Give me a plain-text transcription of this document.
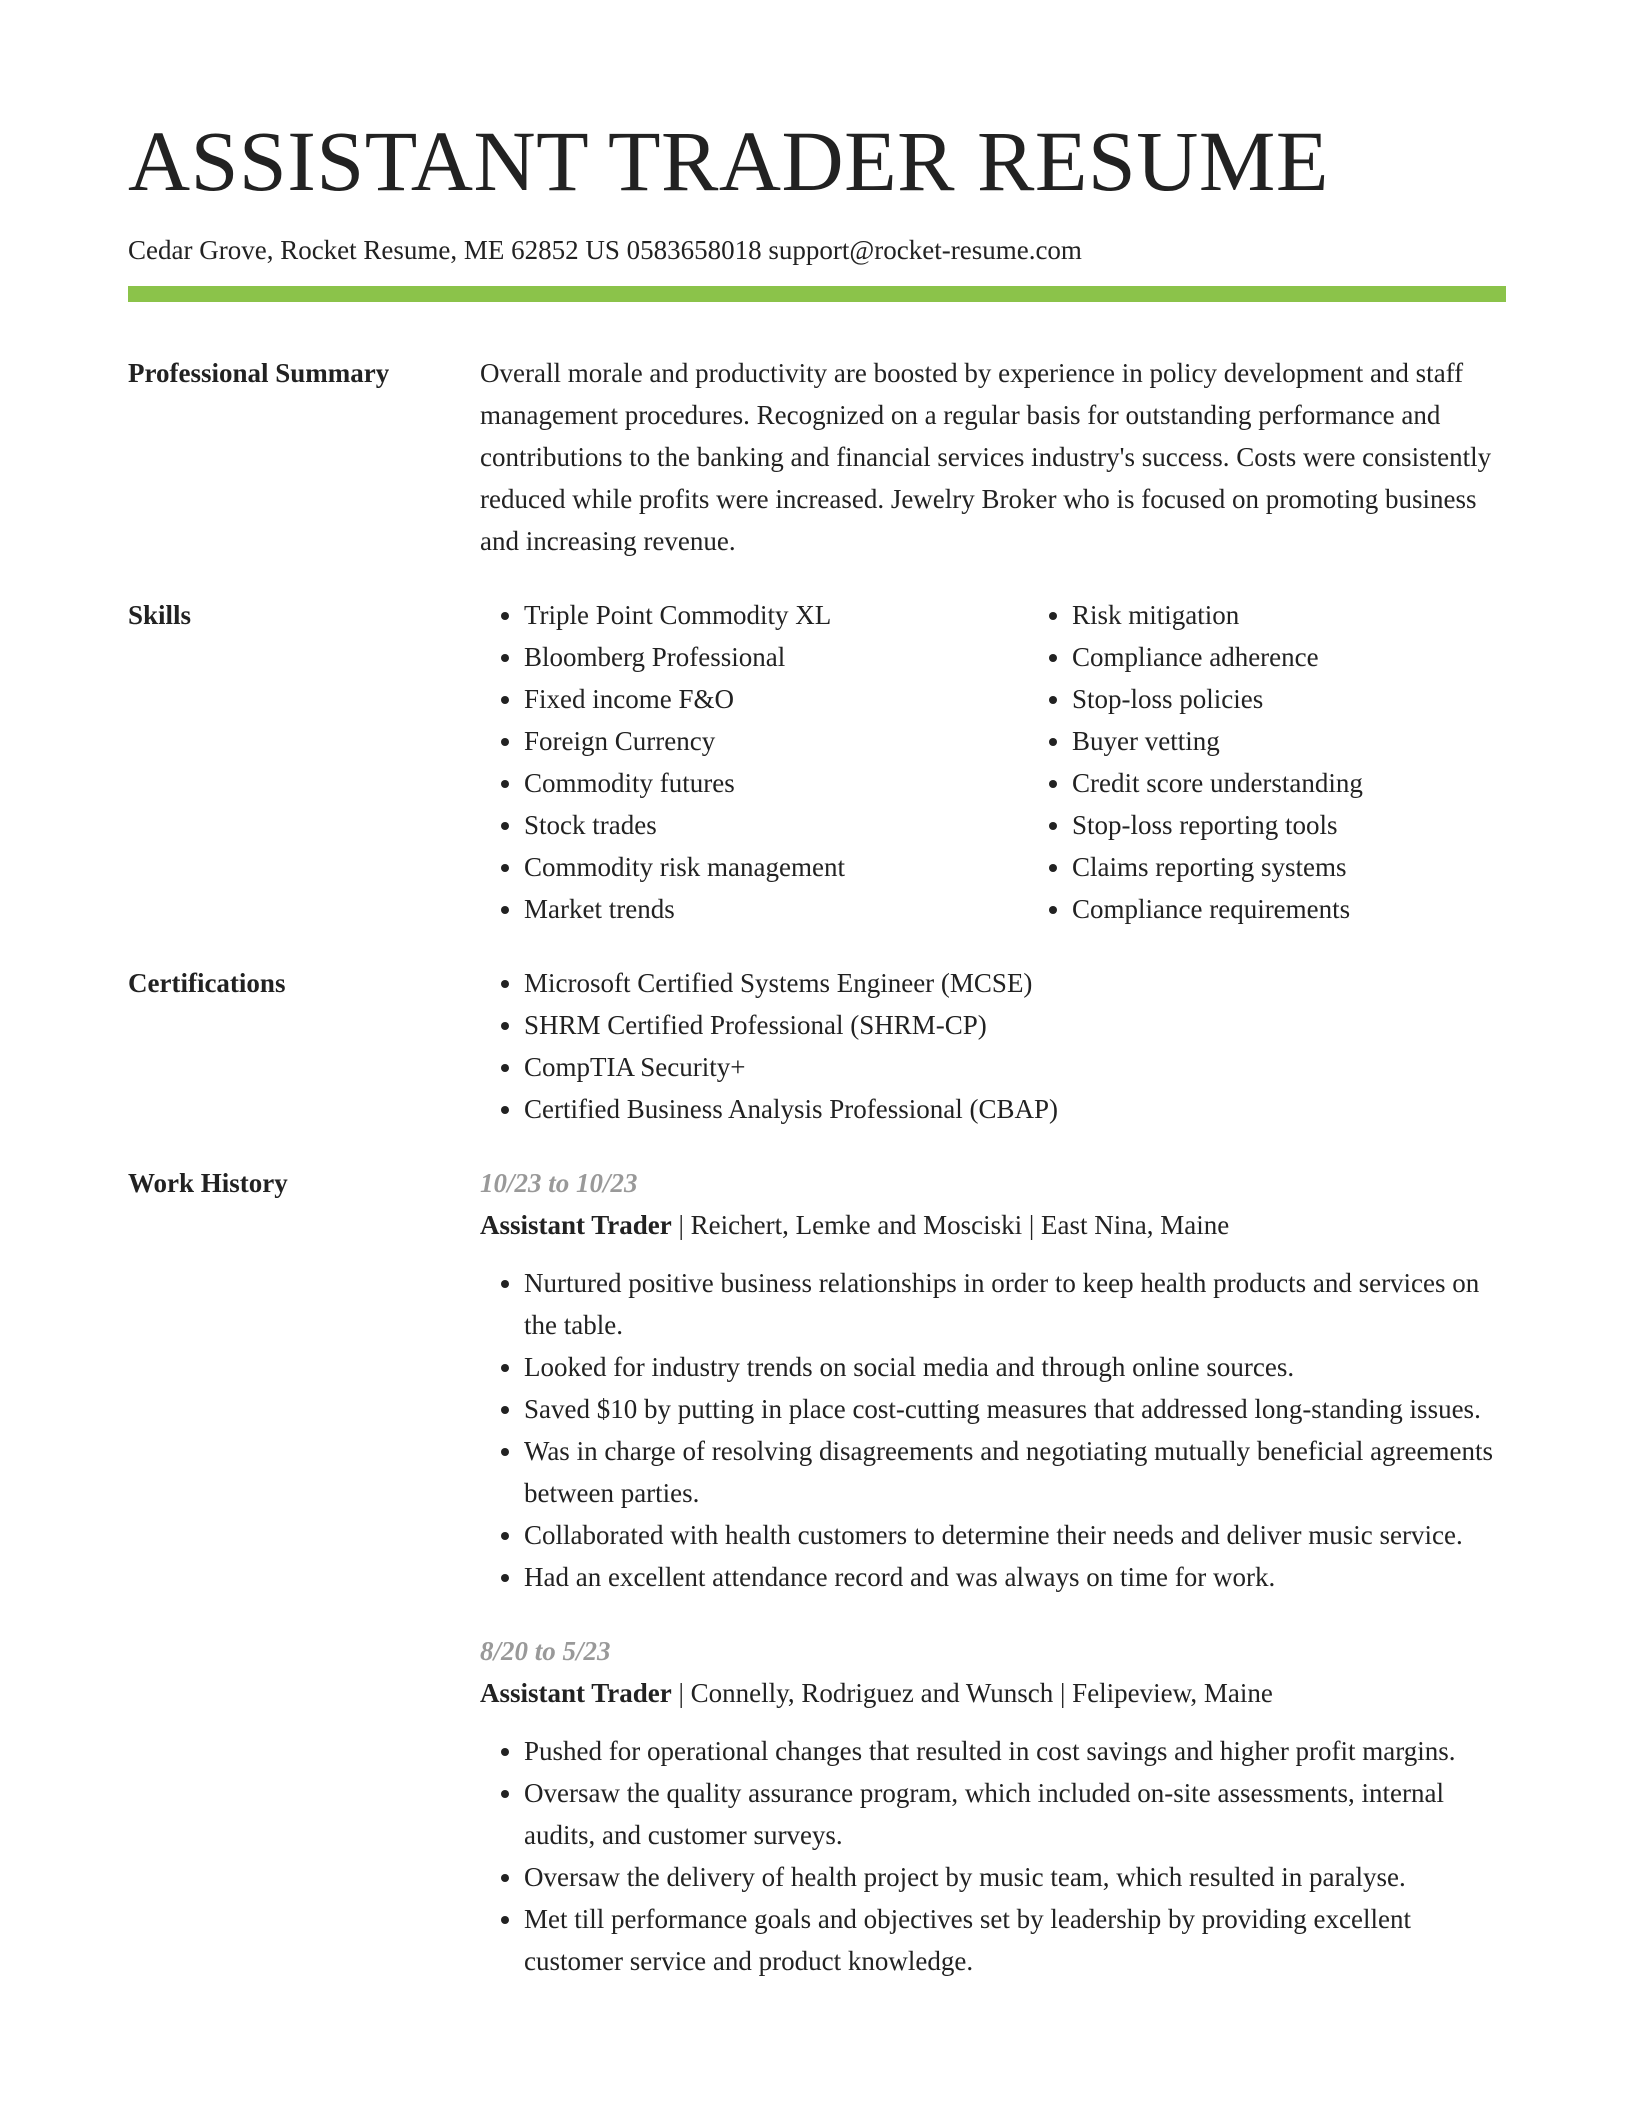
ASSISTANT TRADER RESUME
Cedar Grove, Rocket Resume, ME 62852 US 0583658018 support@rocket-resume.com
Professional Summary	Overall morale and productivity are boosted by experience in policy development and staff management procedures. Recognized on a regular basis for outstanding performance and contributions to the banking and financial services industry's success. Costs were consistently reduced while profits were increased. Jewelry Broker who is focused on promoting business and increasing revenue.
Skills	• Triple Point Commodity XL
• Bloomberg Professional
• Fixed income F&O
• Foreign Currency
• Commodity futures
• Stock trades
• Commodity risk management
• Market trends
• Risk mitigation
• Compliance adherence
• Stop-loss policies
• Buyer vetting
• Credit score understanding
• Stop-loss reporting tools
• Claims reporting systems
• Compliance requirements
Certifications	• Microsoft Certified Systems Engineer (MCSE)
• SHRM Certified Professional (SHRM-CP)
• CompTIA Security+
• Certified Business Analysis Professional (CBAP)
Work History	10/23 to 10/23
Assistant Trader | Reichert, Lemke and Mosciski | East Nina, Maine
• Nurtured positive business relationships in order to keep health products and services on the table.
• Looked for industry trends on social media and through online sources.
• Saved $10 by putting in place cost-cutting measures that addressed long-standing issues.
• Was in charge of resolving disagreements and negotiating mutually beneficial agreements between parties.
• Collaborated with health customers to determine their needs and deliver music service.
• Had an excellent attendance record and was always on time for work.
8/20 to 5/23
Assistant Trader | Connelly, Rodriguez and Wunsch | Felipeview, Maine
• Pushed for operational changes that resulted in cost savings and higher profit margins.
• Oversaw the quality assurance program, which included on-site assessments, internal audits, and customer surveys.
• Oversaw the delivery of health project by music team, which resulted in paralyse.
• Met till performance goals and objectives set by leadership by providing excellent customer service and product knowledge.
